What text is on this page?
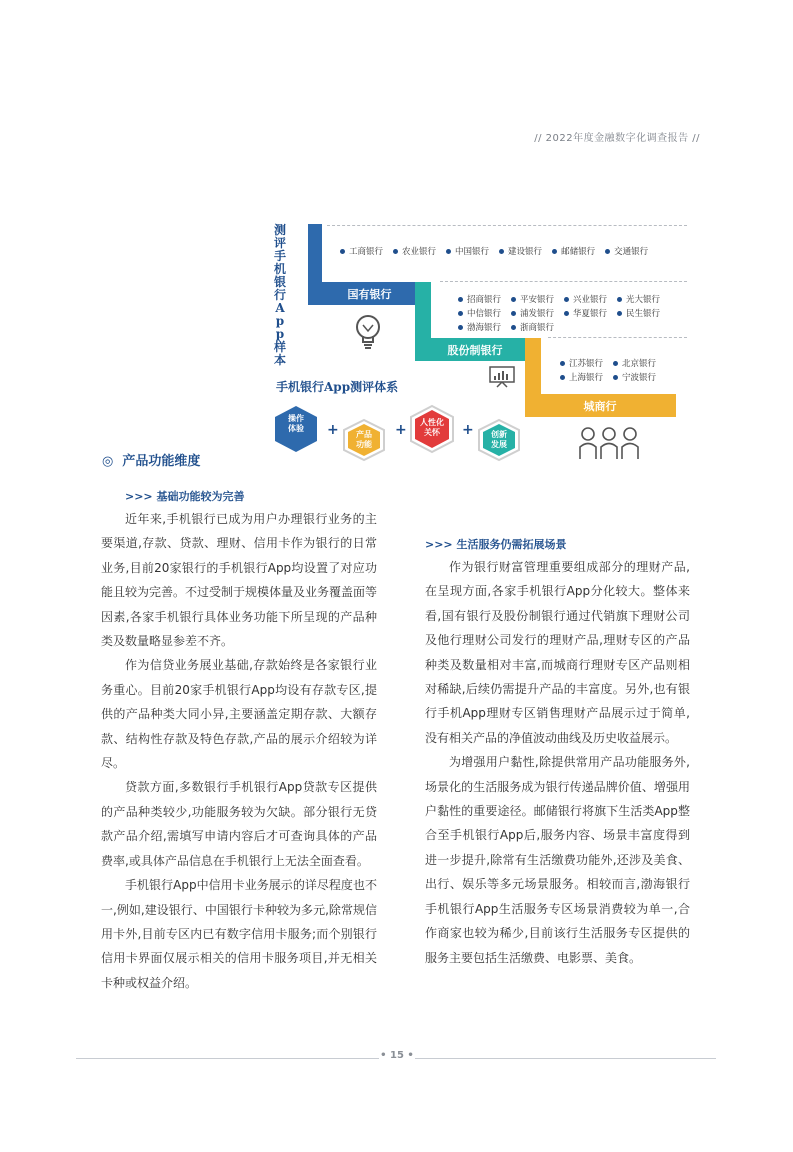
// 2022年度金融数字化调查报告 //
测评手机银行App样本
国有银行
股份制银行
城商行
工商银行 农业银行 中国银行 建设银行 邮储银行 交通银行
招商银行 平安银行 兴业银行 光大银行
中信银行 浦发银行 华夏银行 民生银行
渤海银行 浙商银行
江苏银行 北京银行
上海银行 宁波银行
手机银行App测评体系
操作
体验	+	产品
功能
+	人性化
关怀	+	创新
发展
◎ 产品功能维度
>>> 基础功能较为完善

近年来,手机银行已成为用户办理银行业务的主要渠道,存款、贷款、理财、信用卡作为银行的日常业务,目前20家银行的手机银行App均设置了对应功能且较为完善。不过受制于规模体量及业务覆盖面等因素,各家手机银行具体业务功能下所呈现的产品种类及数量略显参差不齐。

作为信贷业务展业基础,存款始终是各家银行业务重心。目前20家手机银行App均设有存款专区,提供的产品种类大同小异,主要涵盖定期存款、大额存款、结构性存款及特色存款,产品的展示介绍较为详尽。

贷款方面,多数银行手机银行App贷款专区提供的产品种类较少,功能服务较为欠缺。部分银行无贷款产品介绍,需填写申请内容后才可查询具体的产品费率,或具体产品信息在手机银行上无法全面查看。

手机银行App中信用卡业务展示的详尽程度也不一,例如,建设银行、中国银行卡种较为多元,除常规信用卡外,目前专区内已有数字信用卡服务;而个别银行信用卡界面仅展示相关的信用卡服务项目,并无相关卡种或权益介绍。

>>> 生活服务仍需拓展场景

作为银行财富管理重要组成部分的理财产品,在呈现方面,各家手机银行App分化较大。整体来看,国有银行及股份制银行通过代销旗下理财公司及他行理财公司发行的理财产品,理财专区的产品种类及数量相对丰富,而城商行理财专区产品则相对稀缺,后续仍需提升产品的丰富度。另外,也有银行手机App理财专区销售理财产品展示过于简单,没有相关产品的净值波动曲线及历史收益展示。

为增强用户黏性,除提供常用产品功能服务外,场景化的生活服务成为银行传递品牌价值、增强用户黏性的重要途径。邮储银行将旗下生活类App整合至手机银行App后,服务内容、场景丰富度得到进一步提升,除常有生活缴费功能外,还涉及美食、出行、娱乐等多元场景服务。相较而言,渤海银行手机银行App生活服务专区场景消费较为单一,合作商家也较为稀少,目前该行生活服务专区提供的服务主要包括生活缴费、电影票、美食。

• 15 •
